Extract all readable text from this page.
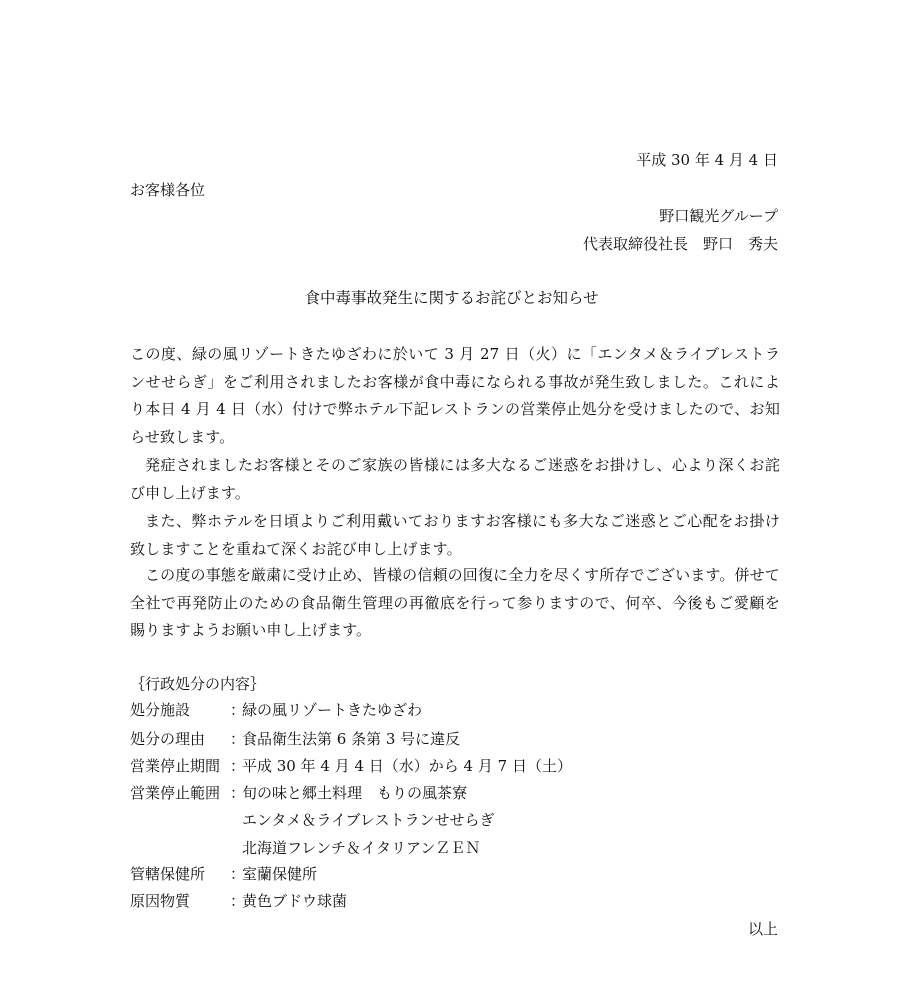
平成 30 年 4 月 4 日
お客様各位
野口観光グループ
代表取締役社長　野口　秀夫
食中毒事故発生に関するお詫びとお知らせ
この度、緑の風リゾートきたゆざわに於いて 3 月 27 日（火）に「エンタメ＆ライブレストランせせらぎ」をご利用されましたお客様が食中毒になられる事故が発生致しました。これにより本日 4 月 4 日（水）付けで弊ホテル下記レストランの営業停止処分を受けましたので、お知らせ致します。
発症されましたお客様とそのご家族の皆様には多大なるご迷惑をお掛けし、心より深くお詫び申し上げます。
また、弊ホテルを日頃よりご利用戴いておりますお客様にも多大なご迷惑とご心配をお掛け致しますことを重ねて深くお詫び申し上げます。
この度の事態を厳粛に受け止め、皆様の信頼の回復に全力を尽くす所存でございます。併せて全社で再発防止のための食品衛生管理の再徹底を行って参りますので、何卒、今後もご愛顧を賜りますようお願い申し上げます。
｛行政処分の内容｝
処分施設	：緑の風リゾートきたゆざわ
処分の理由 ：食品衛生法第 6 条第 3 号に違反
営業停止期間 ：平成 30 年 4 月 4 日（水）から 4 月 7 日（土）
営業停止範囲 ：旬の味と郷土料理　もりの風茶寮
エンタメ＆ライブレストランせせらぎ
北海道フレンチ＆イタリアンＺＥＮ
管轄保健所 ：室蘭保健所
原因物質	：黄色ブドウ球菌
以上
